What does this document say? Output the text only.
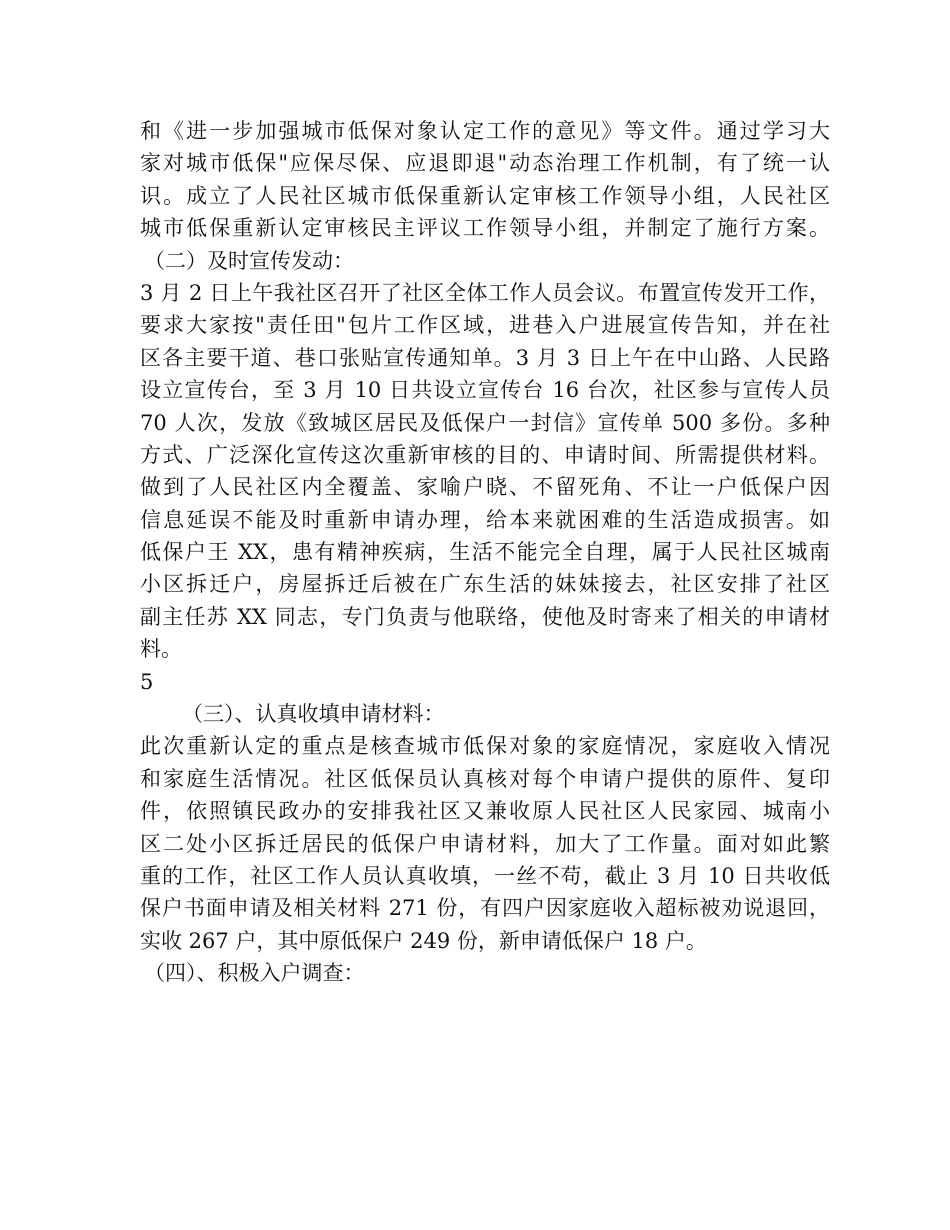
和《进一步加强城市低保对象认定工作的意见》等文件。通过学习大
家对城市低保"应保尽保、应退即退"动态治理工作机制，有了统一认
识。成立了人民社区城市低保重新认定审核工作领导小组，人民社区
城市低保重新认定审核民主评议工作领导小组，并制定了施行方案。
（二）及时宣传发动：
3 月 2 日上午我社区召开了社区全体工作人员会议。布置宣传发开工作，
要求大家按"责任田"包片工作区域，进巷入户进展宣传告知，并在社
区各主要干道、巷口张贴宣传通知单。3 月 3 日上午在中山路、人民路
设立宣传台，至 3 月 10 日共设立宣传台 16 台次，社区参与宣传人员
70 人次，发放《致城区居民及低保户一封信》宣传单 500 多份。多种
方式、广泛深化宣传这次重新审核的目的、申请时间、所需提供材料。
做到了人民社区内全覆盖、家喻户晓、不留死角、不让一户低保户因
信息延误不能及时重新申请办理，给本来就困难的生活造成损害。如
低保户王 XX，患有精神疾病，生活不能完全自理，属于人民社区城南
小区拆迁户，房屋拆迁后被在广东生活的妹妹接去，社区安排了社区
副主任苏 XX 同志，专门负责与他联络，使他及时寄来了相关的申请材
料。
5
（三）、认真收填申请材料：
此次重新认定的重点是核查城市低保对象的家庭情况，家庭收入情况
和家庭生活情况。社区低保员认真核对每个申请户提供的原件、复印
件，依照镇民政办的安排我社区又兼收原人民社区人民家园、城南小
区二处小区拆迁居民的低保户申请材料，加大了工作量。面对如此繁
重的工作，社区工作人员认真收填，一丝不苟，截止 3 月 10 日共收低
保户书面申请及相关材料 271 份，有四户因家庭收入超标被劝说退回，
实收 267 户，其中原低保户 249 份，新申请低保户 18 户。
（四）、积极入户调查：
